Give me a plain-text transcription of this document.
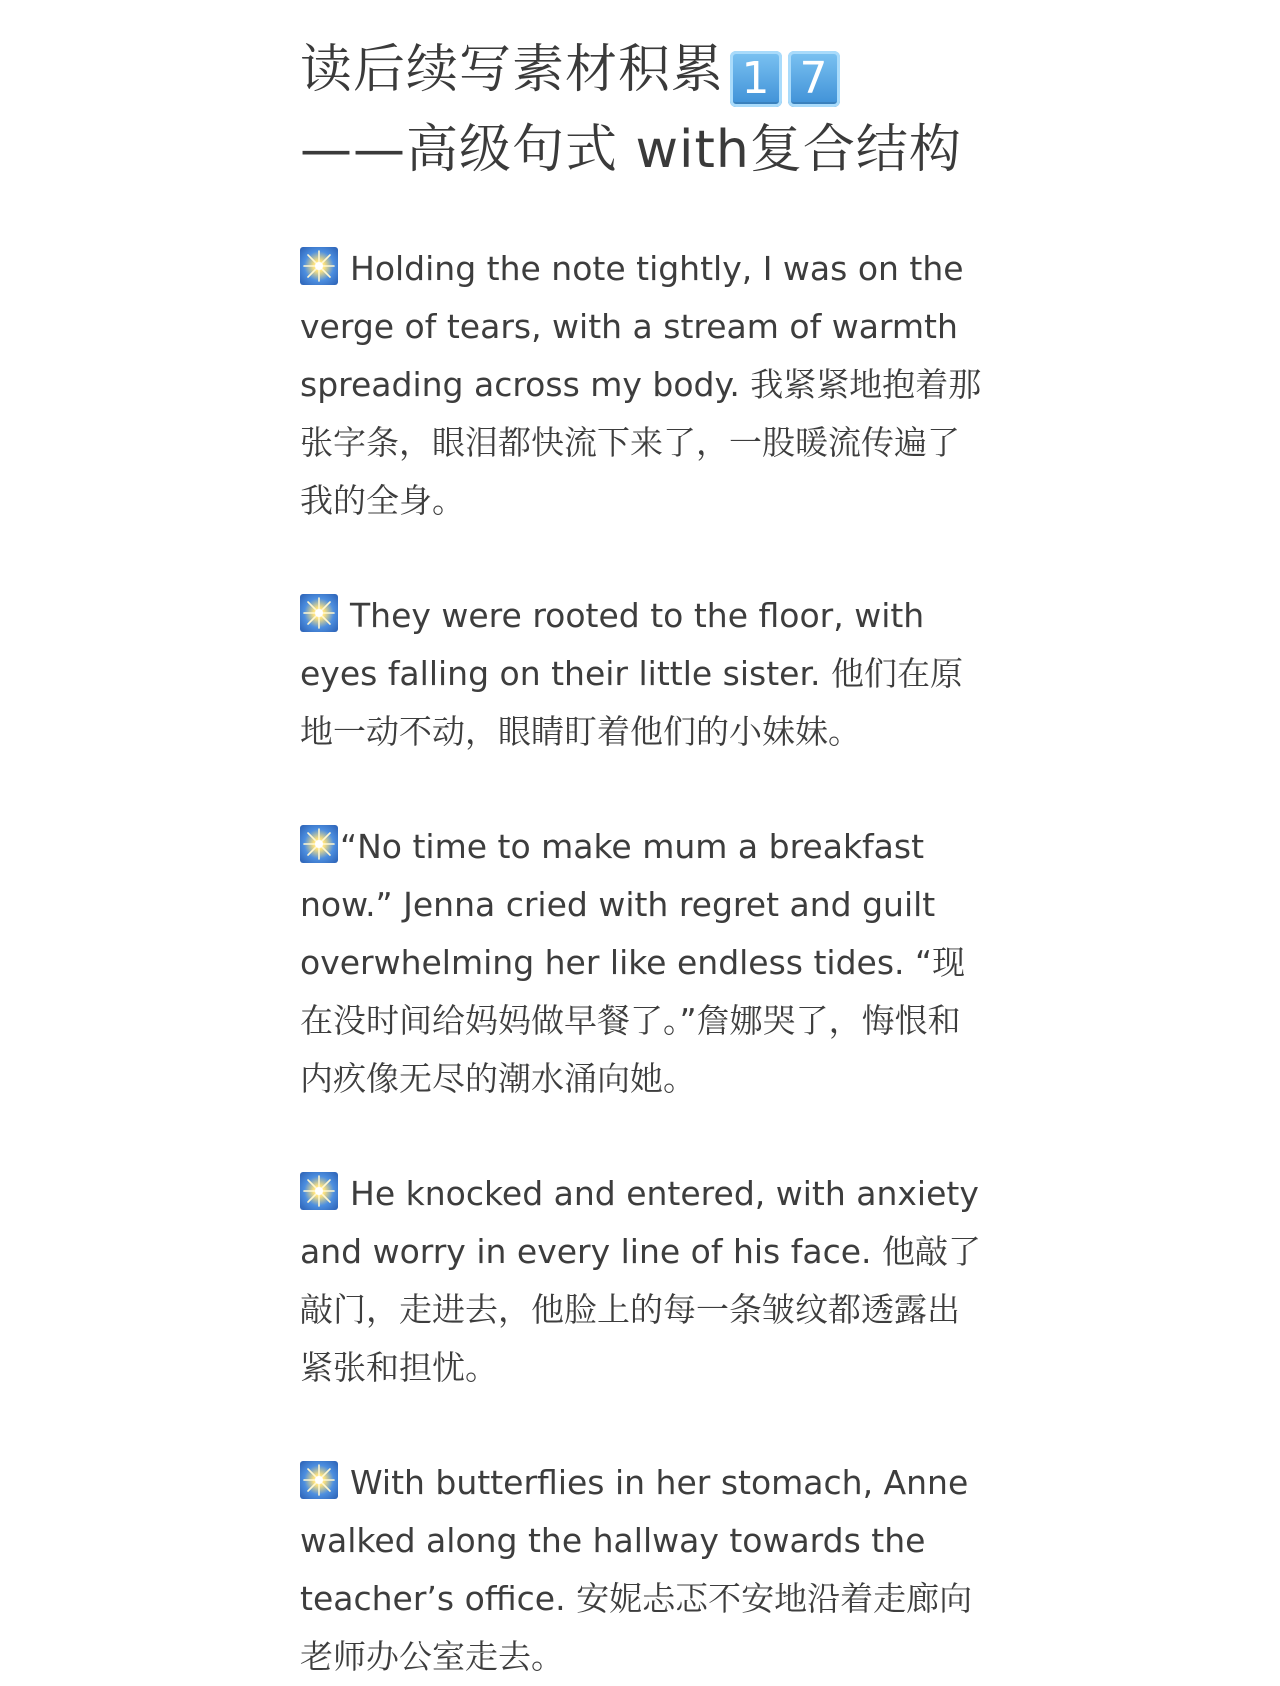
读后续写素材积累 1 7
——高级句式 with复合结构

Holding the note tightly, I was on the verge of tears, with a stream of warmth spreading across my body. 我紧紧地抱着那张字条，眼泪都快流下来了，一股暖流传遍了我的全身。

They were rooted to the floor, with eyes falling on their little sister. 他们在原地一动不动，眼睛盯着他们的小妹妹。

“No time to make mum a breakfast now.” Jenna cried with regret and guilt overwhelming her like endless tides. “现在没时间给妈妈做早餐了。”詹娜哭了，悔恨和内疚像无尽的潮水涌向她。

He knocked and entered, with anxiety and worry in every line of his face. 他敲了敲门，走进去，他脸上的每一条皱纹都透露出紧张和担忧。

With butterflies in her stomach, Anne walked along the hallway towards the teacher’s office. 安妮忐忑不安地沿着走廊向老师办公室走去。
